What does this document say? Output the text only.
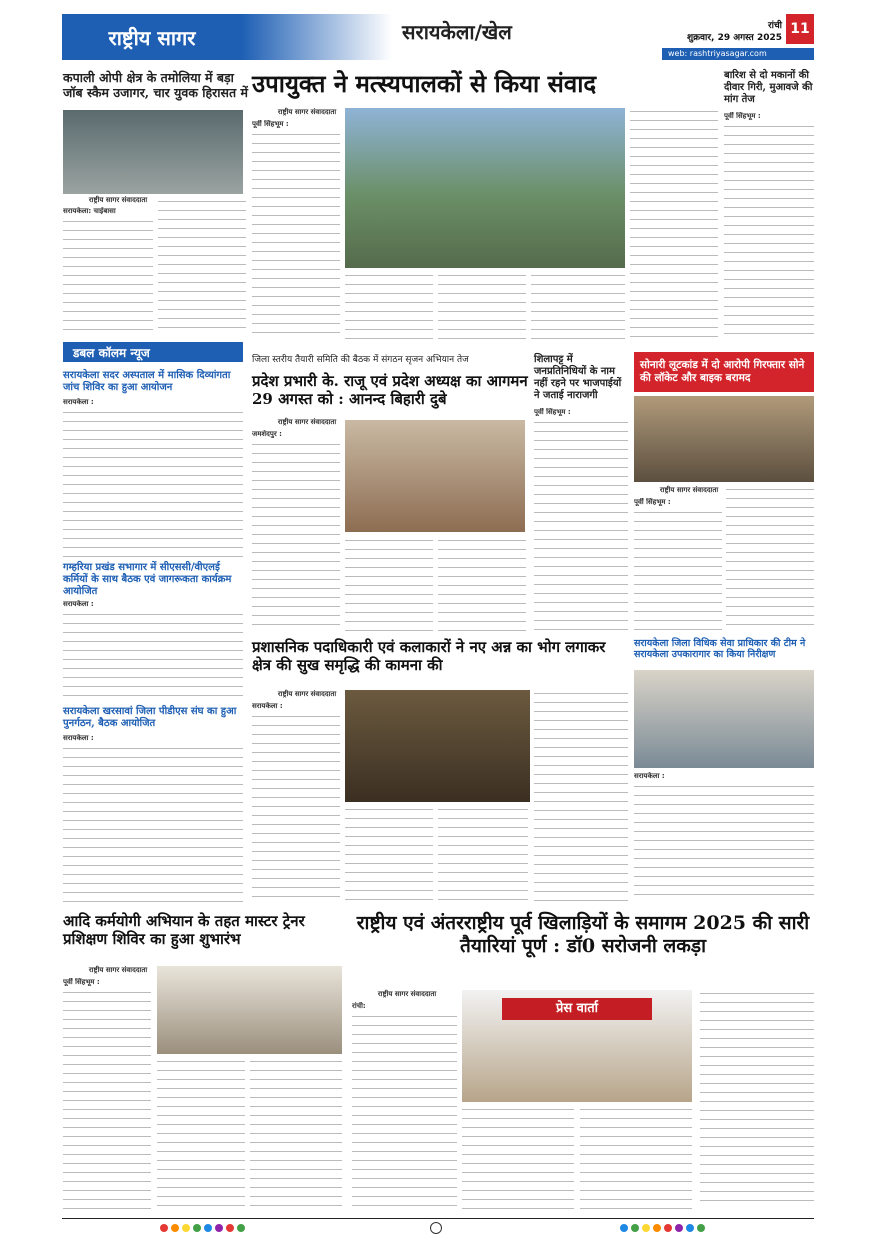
राष्ट्रीय सागर	सरायकेला/खेल	रांची
शुक्रवार, 29 अगस्त 2025
11
web: rashtriyasagar.com
कपाली ओपी क्षेत्र के तमोलिया में बड़ा जॉब स्कैम उजागर, चार युवक हिरासत में
राष्ट्रीय सागर संवाददाता
सरायकेला: चाईबासा
उपायुक्त ने मत्स्यपालकों से किया संवाद
राष्ट्रीय सागर संवाददाता
पूर्वी सिंहभूम :
बारिश से दो मकानों की दीवार गिरी, मुआवजे की मांग तेज
पूर्वी सिंहभूम :
डबल कॉलम न्यूज
सरायकेला सदर अस्पताल में मासिक दिव्यांगता जांच शिविर का हुआ आयोजन
सरायकेला :
गम्हरिया प्रखंड सभागार में सीएससी/वीएलई कर्मियों के साथ बैठक एवं जागरूकता कार्यक्रम आयोजित
सरायकेला :
सरायकेला खरसावां जिला पीडीएस संघ का हुआ पुनर्गठन, बैठक आयोजित
सरायकेला :
जिला स्तरीय तैयारी समिति की बैठक में संगठन सृजन अभियान तेज
प्रदेश प्रभारी के. राजू एवं प्रदेश अध्यक्ष का आगमन 29 अगस्त को : आनन्द बिहारी दुबे
राष्ट्रीय सागर संवाददाता
जमशेदपुर :
शिलापट्ट में जनप्रतिनिधियों के नाम नहीं रहने पर भाजपाईयों ने जताई नाराजगी
पूर्वी सिंहभूम :
सोनारी लूटकांड में दो आरोपी गिरफ्तार सोने की लॉकेट और बाइक बरामद
राष्ट्रीय सागर संवाददाता
पूर्वी सिंहभूम :
प्रशासनिक पदाधिकारी एवं कलाकारों ने नए अन्न का भोग लगाकर क्षेत्र की सुख समृद्धि की कामना की
राष्ट्रीय सागर संवाददाता
सरायकेला :
सरायकेला जिला विधिक सेवा प्राधिकार की टीम ने सरायकेला उपकारागार का किया निरीक्षण
सरायकेला :
आदि कर्मयोगी अभियान के तहत मास्टर ट्रेनर प्रशिक्षण शिविर का हुआ शुभारंभ
राष्ट्रीय सागर संवाददाता
पूर्वी सिंहभूम :
राष्ट्रीय एवं अंतरराष्ट्रीय पूर्व खिलाड़ियों के समागम 2025 की सारी तैयारियां पूर्ण : डॉ0 सरोजनी लकड़ा
राष्ट्रीय सागर संवाददाता
रांची:	प्रेस वार्ता
